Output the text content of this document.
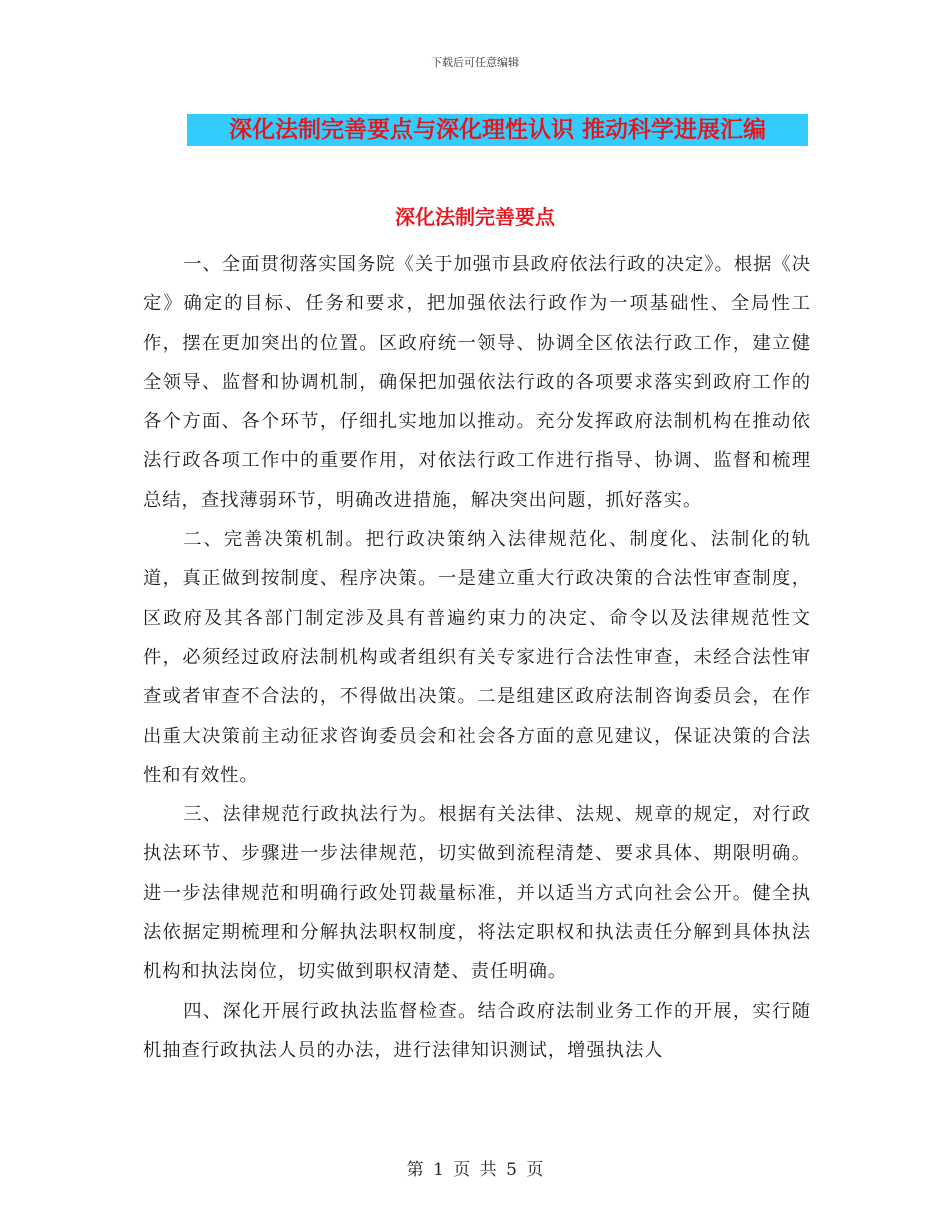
下载后可任意编辑
深化法制完善要点与深化理性认识 推动科学进展汇编
深化法制完善要点

一、全面贯彻落实国务院《关于加强市县政府依法行政的决定》。根据《决定》确定的目标、任务和要求，把加强依法行政作为一项基础性、全局性工作，摆在更加突出的位置。区政府统一领导、协调全区依法行政工作，建立健全领导、监督和协调机制，确保把加强依法行政的各项要求落实到政府工作的各个方面、各个环节，仔细扎实地加以推动。充分发挥政府法制机构在推动依法行政各项工作中的重要作用，对依法行政工作进行指导、协调、监督和梳理总结，查找薄弱环节，明确改进措施，解决突出问题，抓好落实。

二、完善决策机制。把行政决策纳入法律规范化、制度化、法制化的轨道，真正做到按制度、程序决策。一是建立重大行政决策的合法性审查制度，区政府及其各部门制定涉及具有普遍约束力的决定、命令以及法律规范性文件，必须经过政府法制机构或者组织有关专家进行合法性审查，未经合法性审查或者审查不合法的，不得做出决策。二是组建区政府法制咨询委员会，在作出重大决策前主动征求咨询委员会和社会各方面的意见建议，保证决策的合法性和有效性。

三、法律规范行政执法行为。根据有关法律、法规、规章的规定，对行政执法环节、步骤进一步法律规范，切实做到流程清楚、要求具体、期限明确。进一步法律规范和明确行政处罚裁量标准，并以适当方式向社会公开。健全执法依据定期梳理和分解执法职权制度，将法定职权和执法责任分解到具体执法机构和执法岗位，切实做到职权清楚、责任明确。

四、深化开展行政执法监督检查。结合政府法制业务工作的开展，实行随机抽查行政执法人员的办法，进行法律知识测试，增强执法人

第 1 页 共 5 页
